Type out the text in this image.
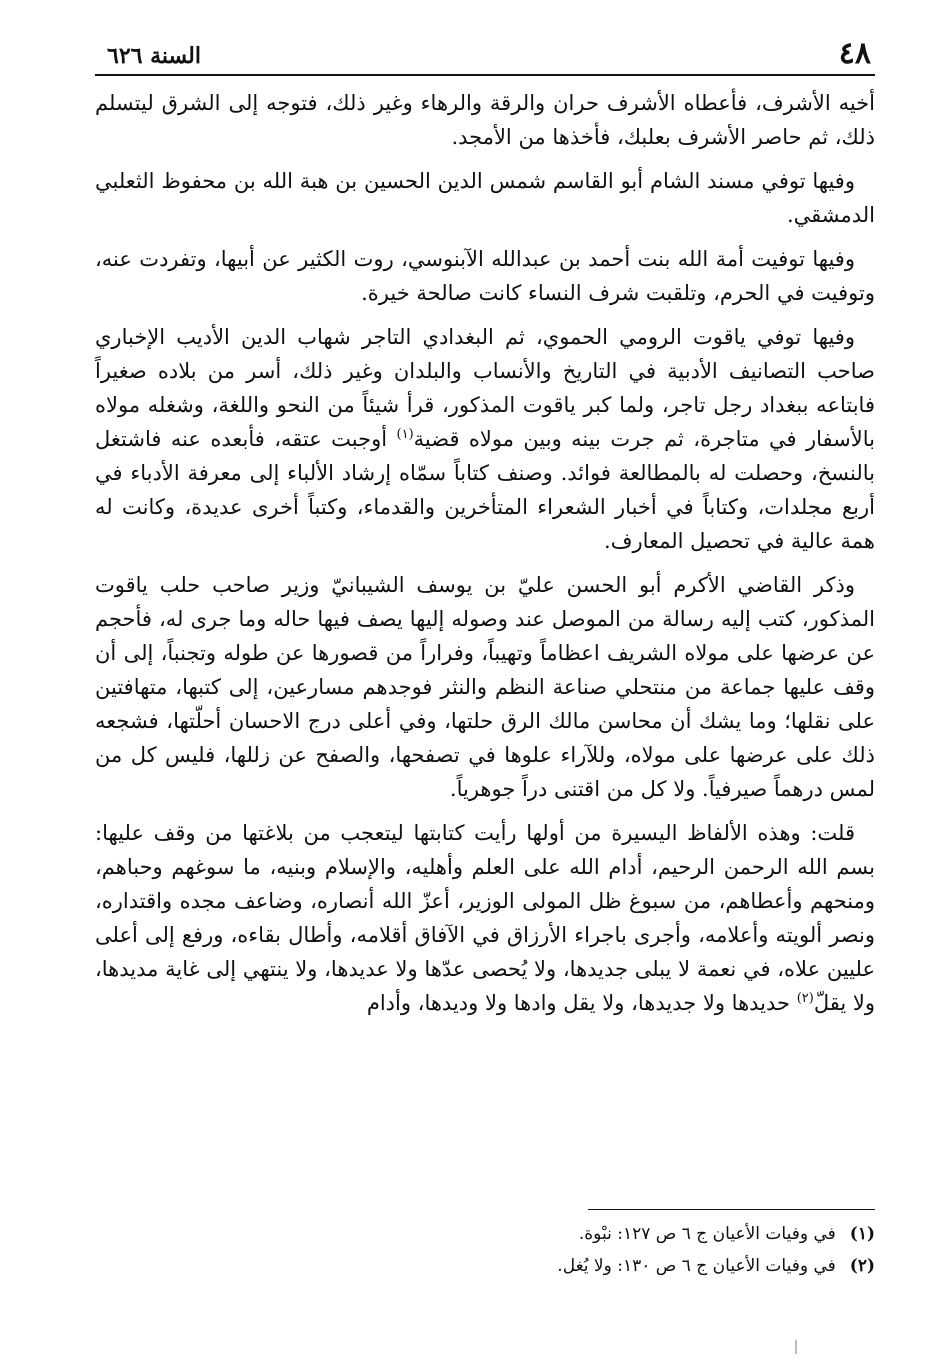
٤٨
السنة ٦٢٦

أخيه الأشرف، فأعطاه الأشرف حران والرقة والرهاء وغير ذلك، فتوجه إلى الشرق ليتسلم ذلك، ثم حاصر الأشرف بعلبك، فأخذها من الأمجد.

وفيها توفي مسند الشام أبو القاسم شمس الدين الحسين بن هبة الله بن محفوظ الثعلبي الدمشقي.

وفيها توفيت أمة الله بنت أحمد بن عبدالله الآبنوسي، روت الكثير عن أبيها، وتفردت عنه، وتوفيت في الحرم، وتلقبت شرف النساء كانت صالحة خيرة.

وفيها توفي ياقوت الرومي الحموي، ثم البغدادي التاجر شهاب الدين الأديب الإخباري صاحب التصانيف الأدبية في التاريخ والأنساب والبلدان وغير ذلك، أسر من بلاده صغيراً فابتاعه ببغداد رجل تاجر، ولما كبر ياقوت المذكور، قرأ شيئاً من النحو واللغة، وشغله مولاه بالأسفار في متاجرة، ثم جرت بينه وبين مولاه قضية$^{(١)}$ أوجبت عتقه، فأبعده عنه فاشتغل بالنسخ، وحصلت له بالمطالعة فوائد. وصنف كتاباً سمّاه إرشاد الألباء إلى معرفة الأدباء في أربع مجلدات، وكتاباً في أخبار الشعراء المتأخرين والقدماء، وكتباً أخرى عديدة، وكانت له همة عالية في تحصيل المعارف.

وذكر القاضي الأكرم أبو الحسن عليّ بن يوسف الشيبانيّ وزير صاحب حلب ياقوت المذكور، كتب إليه رسالة من الموصل عند وصوله إليها يصف فيها حاله وما جرى له، فأحجم عن عرضها على مولاه الشريف اعظاماً وتهيباً، وفراراً من قصورها عن طوله وتجنباً، إلى أن وقف عليها جماعة من منتحلي صناعة النظم والنثر فوجدهم مسارعين، إلى كتبها، متهافتين على نقلها؛ وما يشك أن محاسن مالك الرق حلتها، وفي أعلى درج الاحسان أحلّتها، فشجعه ذلك على عرضها على مولاه، وللآراء علوها في تصفحها، والصفح عن زللها، فليس كل من لمس درهماً صيرفياً. ولا كل من اقتنى دراً جوهرياً.

قلت: وهذه الألفاظ اليسيرة من أولها رأيت كتابتها ليتعجب من بلاغتها من وقف عليها: بسم الله الرحمن الرحيم، أدام الله على العلم وأهليه، والإسلام وبنيه، ما سوغهم وحباهم، ومنحهم وأعطاهم، من سبوغ ظل المولى الوزير، أعزّ الله أنصاره، وضاعف مجده واقتداره، ونصر ألويته وأعلامه، وأجرى باجراء الأرزاق في الآفاق أقلامه، وأطال بقاءه، ورفع إلى أعلى عليين علاه، في نعمة لا يبلى جديدها، ولا يُحصى عدّها ولا عديدها، ولا ينتهي إلى غاية مديدها، ولا يقلّ$^{(٢)}$ حديدها ولا جديدها، ولا يقل وادها ولا وديدها، وأدام

(١)
في وفيات الأعيان ج ٦ ص ١٢٧: نبْوة.
(٢)
في وفيات الأعيان ج ٦ ص ١٣٠: ولا يُغل.
